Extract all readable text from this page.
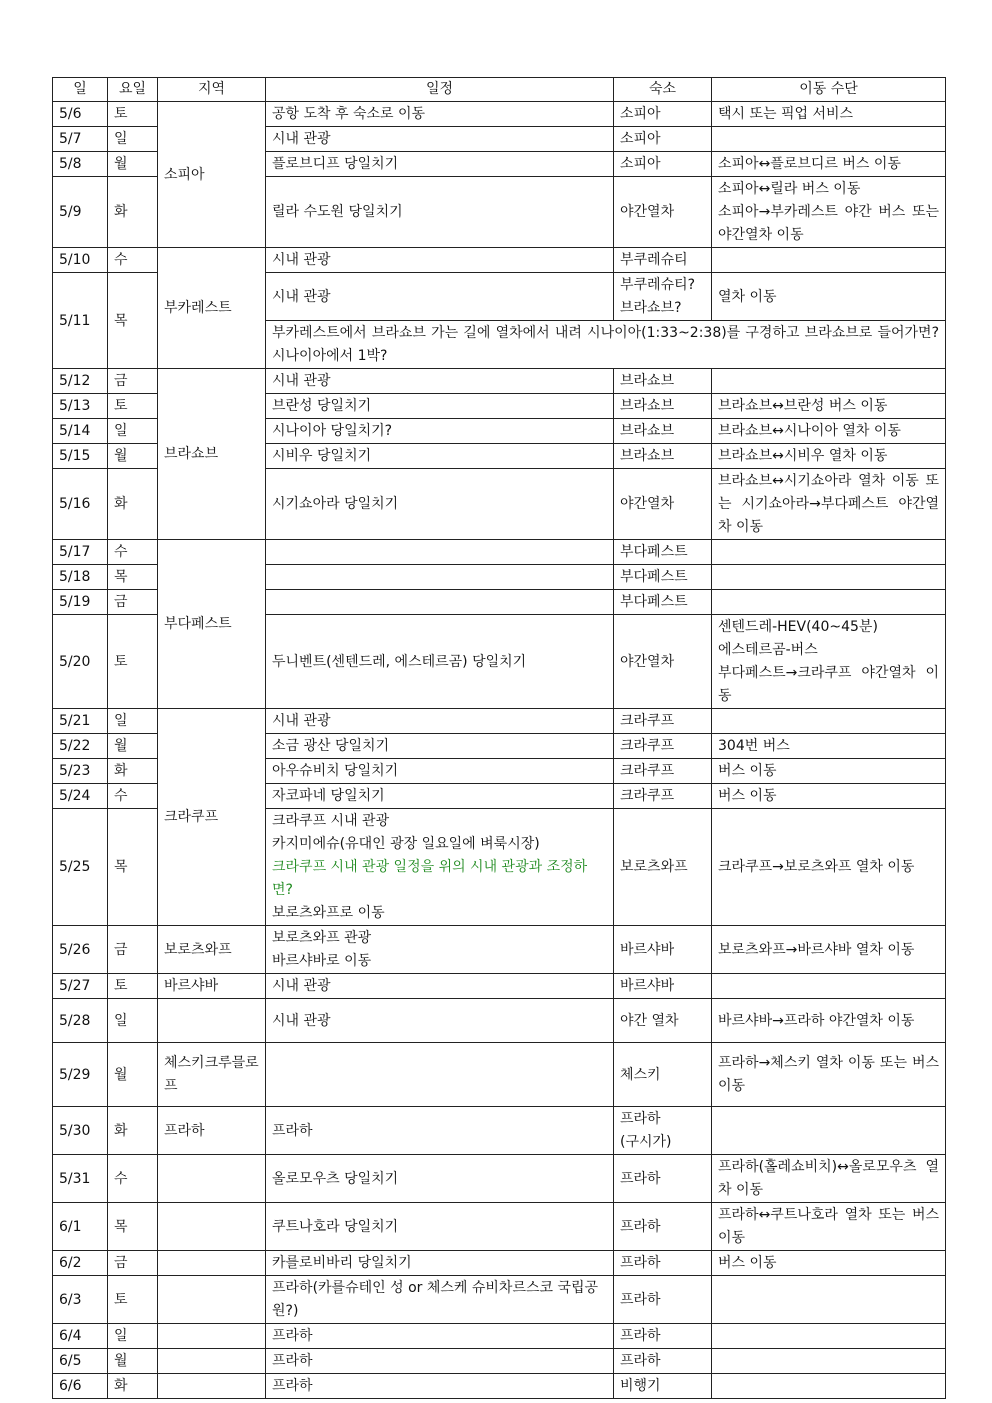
일	요일	지역	일정	숙소	이동 수단
5/6	토	소피아	공항 도착 후 숙소로 이동	소피아	택시 또는 픽업 서비스

5/7	일		시내 관광	소피아	

5/8	월		플로브디프 당일치기	소피아	소피아↔플로브디르 버스 이동

5/9	화		릴라 수도원 당일치기	야간열차	소피아↔릴라 버스 이동
소피아→부카레스트 야간 버스 또는 야간열차 이동

5/10	수	부카레스트	시내 관광	부쿠레슈티	

5/11	목		시내 관광	부쿠레슈티?
브라쇼브?	열차 이동

			부카레스트에서 브라쇼브 가는 길에 열차에서 내려 시나이아(1:33~2:38)를 구경하고 브라쇼브로 들어가면? 시나이아에서 1박?		
5/12	금	브라쇼브	시내 관광	브라쇼브	

5/13	토		브란성 당일치기	브라쇼브	브라쇼브↔브란성 버스 이동

5/14	일		시나이아 당일치기?	브라쇼브	브라쇼브↔시나이아 열차 이동

5/15	월		시비우 당일치기	브라쇼브	브라쇼브↔시비우 열차 이동

5/16	화		시기쇼아라 당일치기	야간열차	브라쇼브↔시기쇼아라 열차 이동 또는 시기쇼아라→부다페스트 야간열차 이동

5/17	수	부다페스트		부다페스트	

5/18	목			부다페스트	

5/19	금			부다페스트	

5/20	토		두니벤트(센텐드레, 에스테르곰) 당일치기	야간열차	센텐드레-HEV(40~45분)
에스테르곰-버스
부다페스트→크라쿠프 야간열차 이동

5/21	일	크라쿠프	시내 관광	크라쿠프	

5/22	월		소금 광산 당일치기	크라쿠프	304번 버스

5/23	화		아우슈비치 당일치기	크라쿠프	버스 이동

5/24	수		자코파네 당일치기	크라쿠프	버스 이동

5/25	목		크라쿠프 시내 관광
카지미에슈(유대인 광장 일요일에 벼룩시장)
크라쿠프 시내 관광 일정을 위의 시내 관광과 조정하면?
보로츠와프로 이동	보로츠와프	크라쿠프→보로츠와프 열차 이동

5/26	금	보로츠와프	보로츠와프 관광
바르샤바로 이동	바르샤바	보로츠와프→바르샤바 열차 이동

5/27	토	바르샤바	시내 관광	바르샤바	

5/28	일		시내 관광	야간 열차	바르샤바→프라하 야간열차 이동

5/29	월	체스키크루믈로프		체스키	프라하→체스키 열차 이동 또는 버스 이동

5/30	화	프라하	프라하	프라하
(구시가)	

5/31	수		올로모우츠 당일치기	프라하	프라하(홀레쇼비치)↔올로모우츠 열차 이동

6/1	목		쿠트나호라 당일치기	프라하	프라하↔쿠트나호라 열차 또는 버스 이동

6/2	금		카를로비바리 당일치기	프라하	버스 이동

6/3	토		프라하(카를슈테인 성 or 체스케 슈비차르스코 국립공원?)	프라하	

6/4	일		프라하	프라하	

6/5	월		프라하	프라하	

6/6	화		프라하	비행기	
